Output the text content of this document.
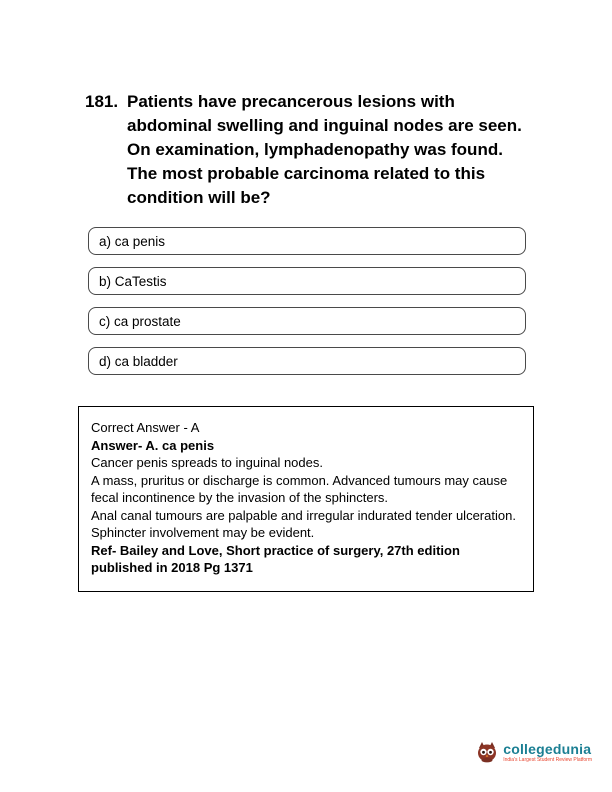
181. Patients have precancerous lesions with abdominal swelling and inguinal nodes are seen. On examination, lymphadenopathy was found. The most probable carcinoma related to this condition will be?
a) ca penis
b) CaTestis
c) ca prostate
d) ca bladder

Correct Answer - A

Answer- A. ca penis

Cancer penis spreads to inguinal nodes.

A mass, pruritus or discharge is common. Advanced tumours may cause fecal incontinence by the invasion of the sphincters.

Anal canal tumours are palpable and irregular indurated tender ulceration. Sphincter involvement may be evident.

Ref- Bailey and Love, Short practice of surgery, 27th edition published in 2018 Pg 1371

collegedunia
India's Largest Student Review Platform
